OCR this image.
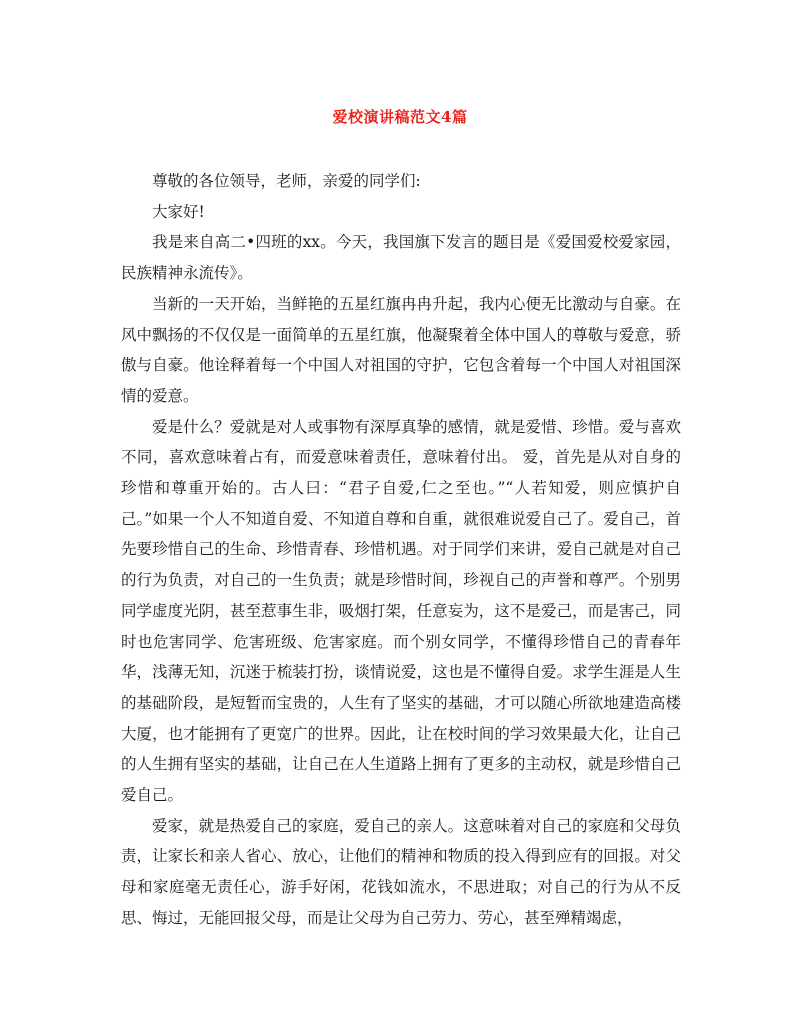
爱校演讲稿范文4篇

尊敬的各位领导，老师，亲爱的同学们:

大家好!

我是来自高二•四班的xx。今天，我国旗下发言的题目是《爱国爱校爱家园，民族精神永流传》。

当新的一天开始，当鲜艳的五星红旗冉冉升起，我内心便无比激动与自豪。在风中飘扬的不仅仅是一面简单的五星红旗，他凝聚着全体中国人的尊敬与爱意，骄傲与自豪。他诠释着每一个中国人对祖国的守护，它包含着每一个中国人对祖国深情的爱意。

爱是什么？爱就是对人或事物有深厚真挚的感情，就是爱惜、珍惜。爱与喜欢不同，喜欢意味着占有，而爱意味着责任，意味着付出。 爱，首先是从对自身的珍惜和尊重开始的。古人曰：“君子自爱,仁之至也。”“人若知爱，则应慎护自己。”如果一个人不知道自爱、不知道自尊和自重，就很难说爱自己了。爱自己，首先要珍惜自己的生命、珍惜青春、珍惜机遇。对于同学们来讲，爱自己就是对自己的行为负责，对自己的一生负责；就是珍惜时间，珍视自己的声誉和尊严。个别男同学虚度光阴，甚至惹事生非，吸烟打架，任意妄为，这不是爱己，而是害己，同时也危害同学、危害班级、危害家庭。而个别女同学，不懂得珍惜自己的青春年华，浅薄无知，沉迷于梳装打扮，谈情说爱，这也是不懂得自爱。求学生涯是人生的基础阶段，是短暂而宝贵的，人生有了坚实的基础，才可以随心所欲地建造高楼大厦，也才能拥有了更宽广的世界。因此，让在校时间的学习效果最大化，让自己的人生拥有坚实的基础，让自己在人生道路上拥有了更多的主动权，就是珍惜自己爱自己。

爱家，就是热爱自己的家庭，爱自己的亲人。这意味着对自己的家庭和父母负责，让家长和亲人省心、放心，让他们的精神和物质的投入得到应有的回报。对父母和家庭毫无责任心，游手好闲，花钱如流水，不思进取；对自己的行为从不反思、悔过，无能回报父母，而是让父母为自己劳力、劳心，甚至殚精竭虑，
